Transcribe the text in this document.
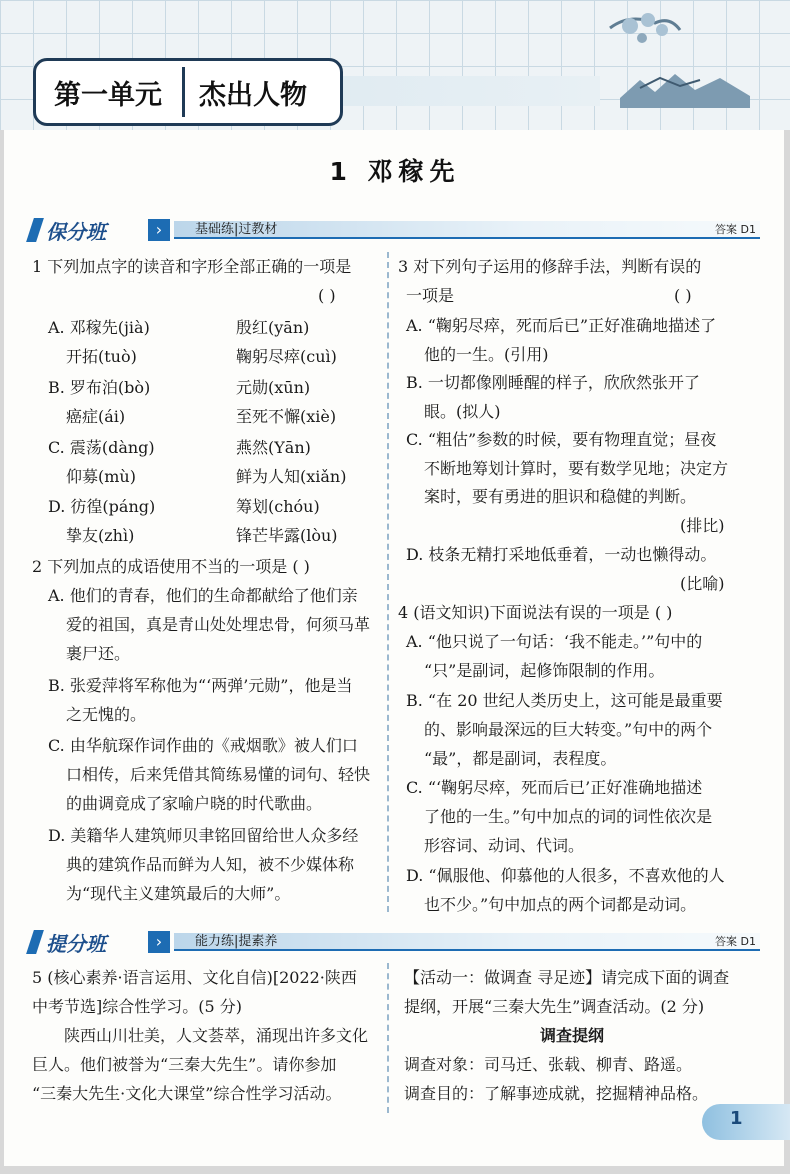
第一单元	杰出人物
1 邓稼先
保分班	›	基础练|过教材	答案 D1
1 下列加点字的读音和字形全部正确的一项是
( )
A. 邓稼先(jià)	殷红(yān)
开拓(tuò)	鞠躬尽瘁(cuì)
B. 罗布泊(bò)	元勋(xūn)
癌症(ái)	至死不懈(xiè)
C. 震荡(dàng)	燕然(Yān)
仰募(mù)	鲜为人知(xiǎn)
D. 彷徨(páng)	筹划(chóu)
挚友(zhì)	锋芒毕露(lòu)
2 下列加点的成语使用不当的一项是 ( )
A. 他们的青春，他们的生命都献给了他们亲
爱的祖国，真是青山处处埋忠骨，何须马革
裹尸还。
B. 张爱萍将军称他为“‘两弹’元勋”，他是当
之无愧的。
C. 由华航琛作词作曲的《戒烟歌》被人们口
口相传，后来凭借其简练易懂的词句、轻快
的曲调竟成了家喻户晓的时代歌曲。
D. 美籍华人建筑师贝聿铭回留给世人众多经
典的建筑作品而鲜为人知，被不少媒体称
为“现代主义建筑最后的大师”。
3 对下列句子运用的修辞手法，判断有误的
一项是	( )
A. “鞠躬尽瘁，死而后已”正好准确地描述了
他的一生。(引用)
B. 一切都像刚睡醒的样子，欣欣然张开了
眼。(拟人)
C. “粗估”参数的时候，要有物理直觉；昼夜
不断地筹划计算时，要有数学见地；决定方
案时，要有勇进的胆识和稳健的判断。
(排比)
D. 枝条无精打采地低垂着，一动也懒得动。
(比喻)
4 (语文知识)下面说法有误的一项是 ( )
A. “他只说了一句话：‘我不能走。’”句中的
“只”是副词，起修饰限制的作用。
B. “在 20 世纪人类历史上，这可能是最重要
的、影响最深远的巨大转变。”句中的两个
“最”，都是副词，表程度。
C. “‘鞠躬尽瘁，死而后已’正好准确地描述
了他的一生。”句中加点的词的词性依次是
形容词、动词、代词。
D. “佩服他、仰慕他的人很多，不喜欢他的人
也不少。”句中加点的两个词都是动词。
提分班	›	能力练|提素养	答案 D1
5 (核心素养·语言运用、文化自信)[2022·陕西
中考节选]综合性学习。(5 分)
陕西山川壮美，人文荟萃，涌现出许多文化
巨人。他们被誉为“三秦大先生”。请你参加
“三秦大先生·文化大课堂”综合性学习活动。
【活动一：做调查 寻足迹】请完成下面的调查
提纲，开展“三秦大先生”调查活动。(2 分)
调查提纲
调查对象：司马迁、张载、柳青、路遥。
调查目的：了解事迹成就，挖掘精神品格。
1
